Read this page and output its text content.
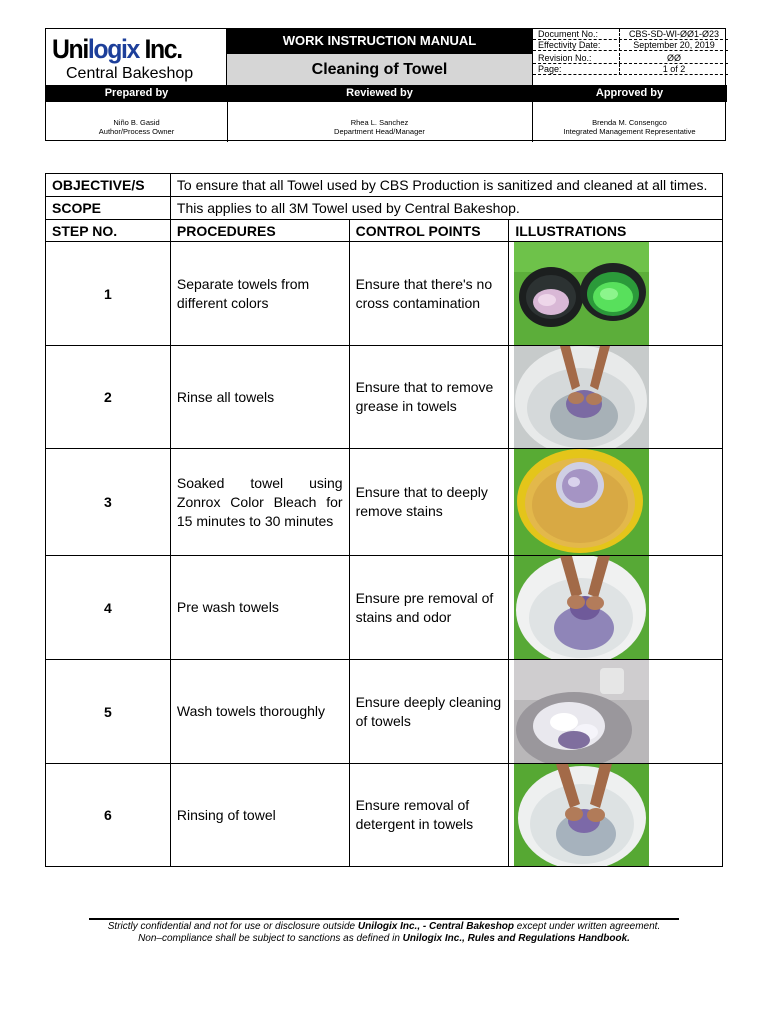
Unilogix Inc.
Central Bakeshop
WORK INSTRUCTION MANUAL
Cleaning of Towel
Document No.:	CBS-SD-WI-ØØ1-Ø23
Effectivity Date:	September 20, 2019
Revision No.:	ØØ
Page:	1 of 2
Prepared by	Reviewed by	Approved by
Niño B. Gasid
Author/Process Owner
Rhea L. Sanchez
Department Head/Manager
Brenda M. Consengco
Integrated Management Representative
OBJECTIVE/S	To ensure that all Towel used by CBS Production is sanitized and cleaned at all times.		
SCOPE	This applies to all 3M Towel used by Central Bakeshop.		
STEP NO.	PROCEDURES	CONTROL POINTS	ILLUSTRATIONS
1	Separate towels from different colors	Ensure that there's no cross contamination	

2	Rinse all towels	Ensure that to remove grease in towels	

3	Soaked towel using Zonrox Color Bleach for 15 minutes to 30 minutes	Ensure that to deeply remove stains	

4	Pre wash towels	Ensure pre removal of stains and odor	

5	Wash towels thoroughly	Ensure deeply cleaning of towels	

6	Rinsing of towel	Ensure removal of detergent in towels	
Strictly confidential and not for use or disclosure outside Unilogix Inc., - Central Bakeshop except under written agreement.
Non–compliance shall be subject to sanctions as defined in Unilogix Inc., Rules and Regulations Handbook.
